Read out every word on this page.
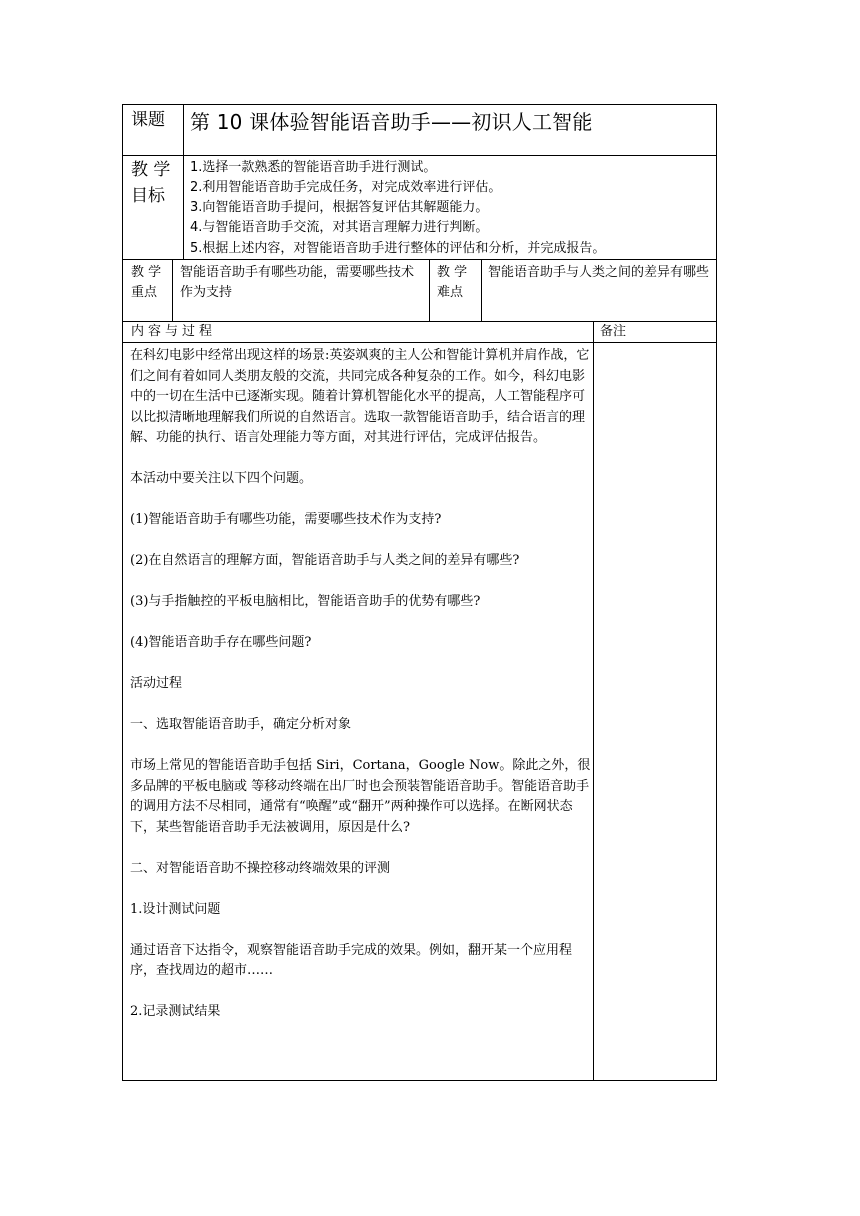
课题 第 10 课体验智能语音助手——初识人工智能
教 学
目标
1.选择一款熟悉的智能语音助手进行测试。
2.利用智能语音助手完成任务，对完成效率进行评估。
3.向智能语音助手提问，根据答复评估其解题能力。
4.与智能语音助手交流，对其语言理解力进行判断。
5.根据上述内容，对智能语音助手进行整体的评估和分析，并完成报告。
教 学
重点
智能语音助手有哪些功能，需要哪些技术作为支持
教 学
难点
智能语音助手与人类之间的差异有哪些
内容与过程	备注

在科幻电影中经常出现这样的场景:英姿飒爽的主人公和智能计算机并肩作战，它们之间有着如同人类朋友般的交流，共同完成各种复杂的工作。如今，科幻电影中的一切在生活中已逐渐实现。随着计算机智能化水平的提高，人工智能程序可以比拟清晰地理解我们所说的自然语言。选取一款智能语音助手，结合语言的理解、功能的执行、语言处理能力等方面，对其进行评估，完成评估报告。

本活动中要关注以下四个问题。

(1)智能语音助手有哪些功能，需要哪些技术作为支持?

(2)在自然语言的理解方面，智能语音助手与人类之间的差异有哪些?

(3)与手指触控的平板电脑相比，智能语音助手的优势有哪些?

(4)智能语音助手存在哪些问题?

活动过程

一、选取智能语音助手，确定分析对象

市场上常见的智能语音助手包括 Siri，Cortana，Google Now。除此之外，很多品牌的平板电脑或 等移动终端在出厂时也会预装智能语音助手。智能语音助手的调用方法不尽相同，通常有“唤醒”或“翻开”两种操作可以选择。在断网状态下，某些智能语音助手无法被调用，原因是什么?

二、对智能语音助不操控移动终端效果的评测

1.设计测试问题

通过语音下达指令，观察智能语音助手完成的效果。例如，翻开某一个应用程序，查找周边的超市……

2.记录测试结果
